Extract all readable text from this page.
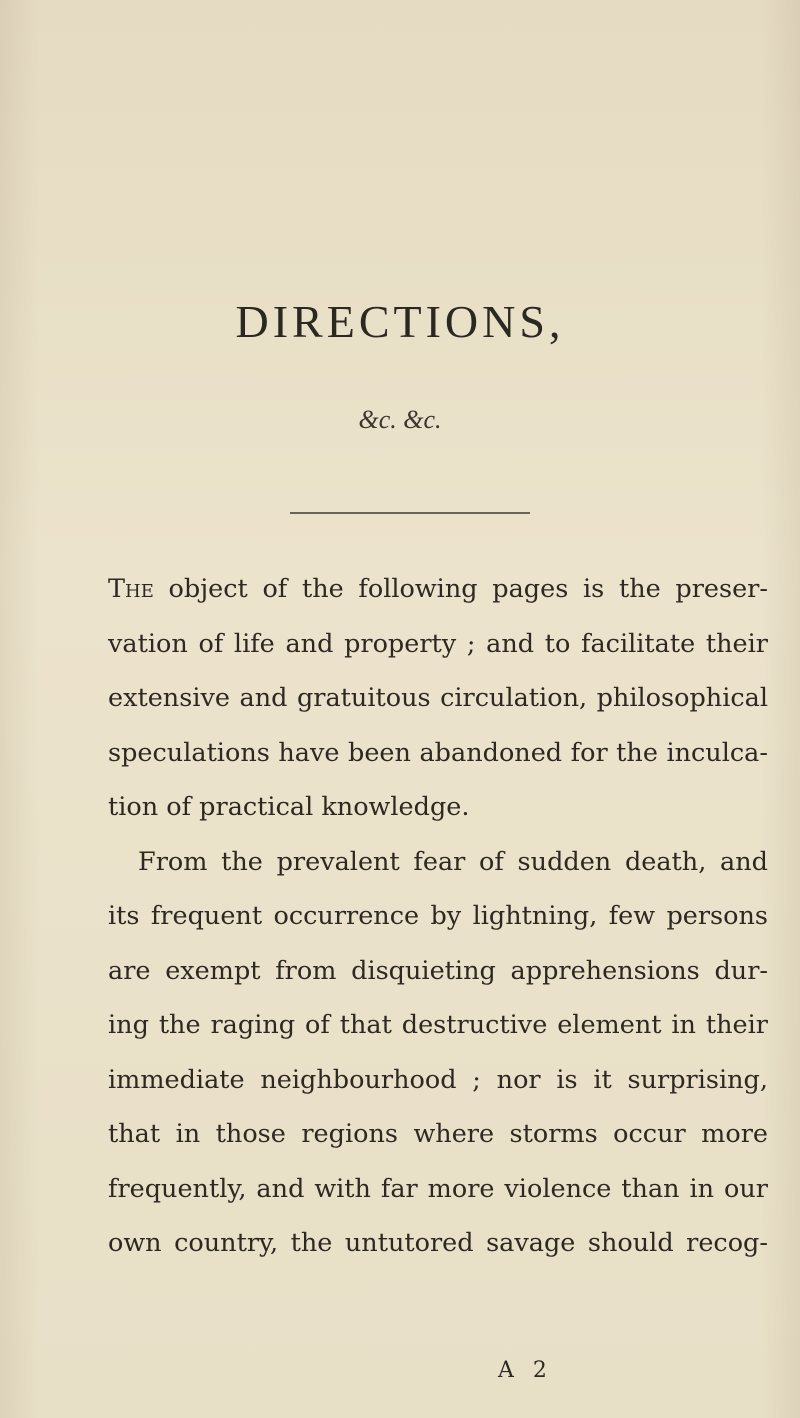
DIRECTIONS,
&c. &c.
The object of the following pages is the preser-
vation of life and property ; and to facilitate their
extensive and gratuitous circulation, philosophical
speculations have been abandoned for the inculca-
tion of practical knowledge.
From the prevalent fear of sudden death, and
its frequent occurrence by lightning, few persons
are exempt from disquieting apprehensions dur-
ing the raging of that destructive element in their
immediate neighbourhood ; nor is it surprising,
that in those regions where storms occur more
frequently, and with far more violence than in our
own country, the untutored savage should recog-
A 2
